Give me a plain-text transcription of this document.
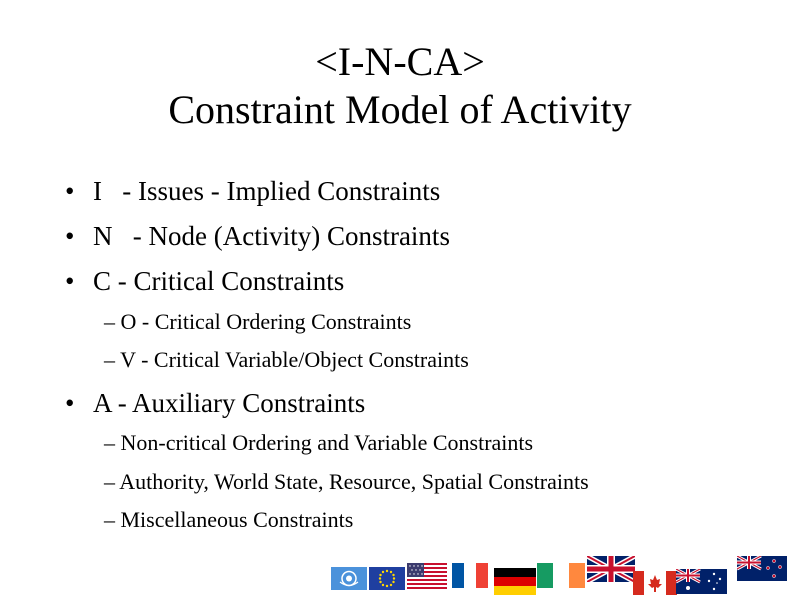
<I-N-CA>
Constraint Model of Activity
• I   - Issues - Implied Constraints
• N   - Node (Activity) Constraints
• C - Critical Constraints
– O - Critical Ordering Constraints
– V - Critical Variable/Object Constraints
• A - Auxiliary Constraints
– Non-critical Ordering and Variable Constraints
– Authority, World State, Resource, Spatial Constraints
– Miscellaneous Constraints
